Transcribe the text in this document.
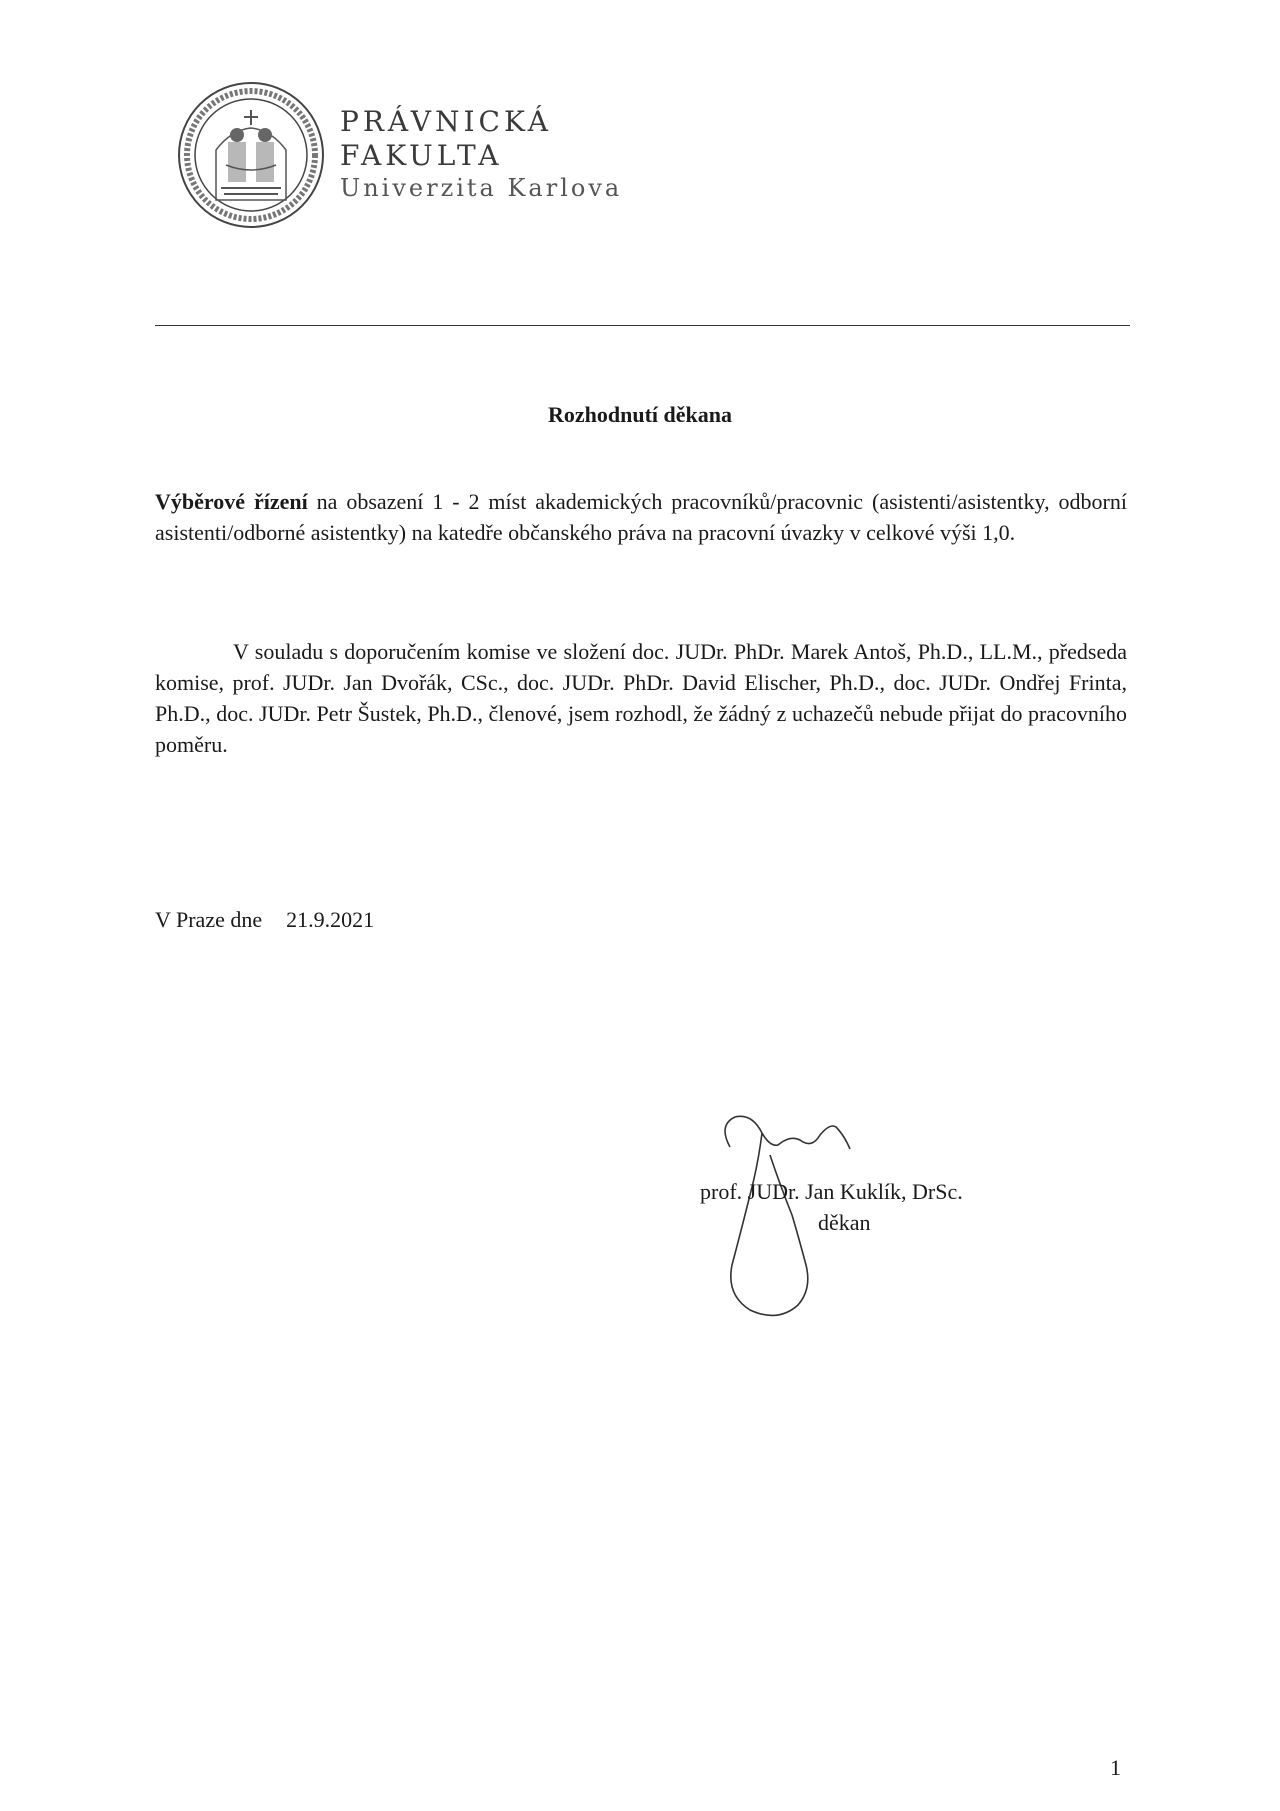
PRÁVNICKÁ
FAKULTA
Univerzita Karlova
Rozhodnutí děkana
Výběrové řízení na obsazení 1 - 2 míst akademických pracovníků/pracovnic (asistenti/asistentky, odborní asistenti/odborné asistentky) na katedře občanského práva na pracovní úvazky v celkové výši 1,0.
V souladu s doporučením komise ve složení doc. JUDr. PhDr. Marek Antoš, Ph.D., LL.M., předseda komise, prof. JUDr. Jan Dvořák, CSc., doc. JUDr. PhDr. David Elischer, Ph.D., doc. JUDr. Ondřej Frinta, Ph.D., doc. JUDr. Petr Šustek, Ph.D., členové, jsem rozhodl, že žádný z uchazečů nebude přijat do pracovního poměru.
V Praze dne 21.9.2021
prof. JUDr. Jan Kuklík, DrSc.
děkan
1
